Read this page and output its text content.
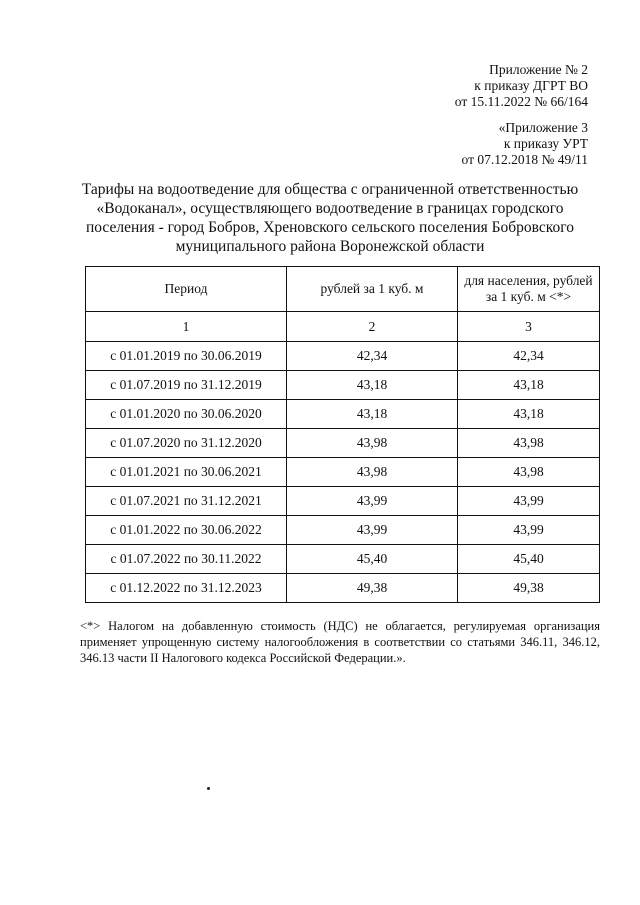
Приложение № 2
к приказу ДГРТ ВО
от 15.11.2022 № 66/164
«Приложение 3
к приказу УРТ
от 07.12.2018 № 49/11
Тарифы на водоотведение для общества с ограниченной ответственностью
«Водоканал», осуществляющего водоотведение в границах городского
поселения - город Бобров, Хреновского сельского поселения Бобровского
муниципального района Воронежской области
Период	рублей за 1 куб. м	для населения, рублей за 1 куб. м <*>
1	2	3
с 01.01.2019 по 30.06.2019	42,34	42,34
с 01.07.2019 по 31.12.2019	43,18	43,18
с 01.01.2020 по 30.06.2020	43,18	43,18
с 01.07.2020 по 31.12.2020	43,98	43,98
с 01.01.2021 по 30.06.2021	43,98	43,98
с 01.07.2021 по 31.12.2021	43,99	43,99
с 01.01.2022 по 30.06.2022	43,99	43,99
с 01.07.2022 по 30.11.2022	45,40	45,40
с 01.12.2022 по 31.12.2023	49,38	49,38
<*> Налогом на добавленную стоимость (НДС) не облагается, регулируемая организация применяет упрощенную систему налогообложения в соответствии со статьями 346.11, 346.12, 346.13 части II Налогового кодекса Российской Федерации.».
